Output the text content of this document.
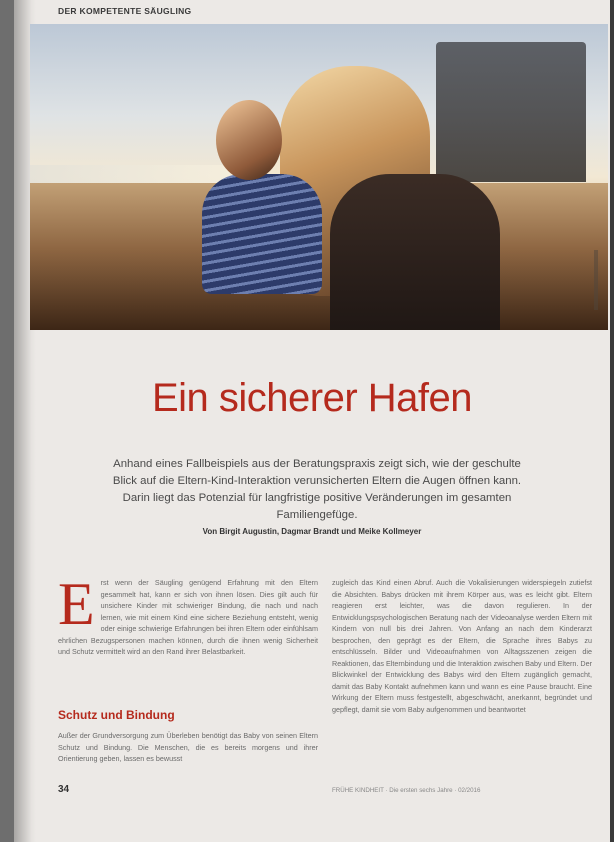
DER KOMPETENTE SÄUGLING
Ein sicherer Hafen

Anhand eines Fallbeispiels aus der Beratungspraxis zeigt sich, wie der geschulte Blick auf die Eltern-Kind-Interaktion verunsicherten Eltern die Augen öffnen kann. Darin liegt das Potenzial für langfristige positive Veränderungen im gesamten Familiengefüge.

Von Birgit Augustin, Dagmar Brandt und Meike Kollmeyer

Erst wenn der Säugling genügend Erfahrung mit den Eltern gesammelt hat, kann er sich von ihnen lösen. Dies gilt auch für unsichere Kinder mit schwieriger Bindung, die nach und nach lernen, wie mit einem Kind eine sichere Beziehung entsteht, wenig oder einige schwierige Erfahrungen bei ihren Eltern oder einfühlsam ehrlichen Bezugspersonen machen können, durch die ihnen wenig Sicherheit und Schutz vermittelt wird an den Rand ihrer Belastbarkeit.

Schutz und Bindung

Außer der Grundversorgung zum Überleben benötigt das Baby von seinen Eltern Schutz und Bindung. Die Menschen, die es bereits morgens und ihrer Orientierung geben, lassen es bewusst

zugleich das Kind einen Abruf. Auch die Vokalisierungen widerspiegeln zutiefst die Absichten. Babys drücken mit ihrem Körper aus, was es leicht gibt. Eltern reagieren erst leichter, was die davon regulieren. In der Entwicklungspsychologischen Beratung nach der Videoanalyse werden Eltern mit Kindern von null bis drei Jahren. Von Anfang an nach dem Kinderarzt besprochen, den geprägt es der Eltern, die Sprache ihres Babys zu entschlüsseln. Bilder und Videoaufnahmen von Alltagsszenen zeigen die Reaktionen, das Elternbindung und die Interaktion zwischen Baby und Eltern. Der Blickwinkel der Entwicklung des Babys wird den Eltern zugänglich gemacht, damit das Baby Kontakt aufnehmen kann und wann es eine Pause braucht. Eine Wirkung der Eltern muss festgestellt, abgeschwächt, anerkannt, begründet und gepflegt, damit sie vom Baby aufgenommen und beantwortet

34	FRÜHE KINDHEIT · Die ersten sechs Jahre · 02/2016
